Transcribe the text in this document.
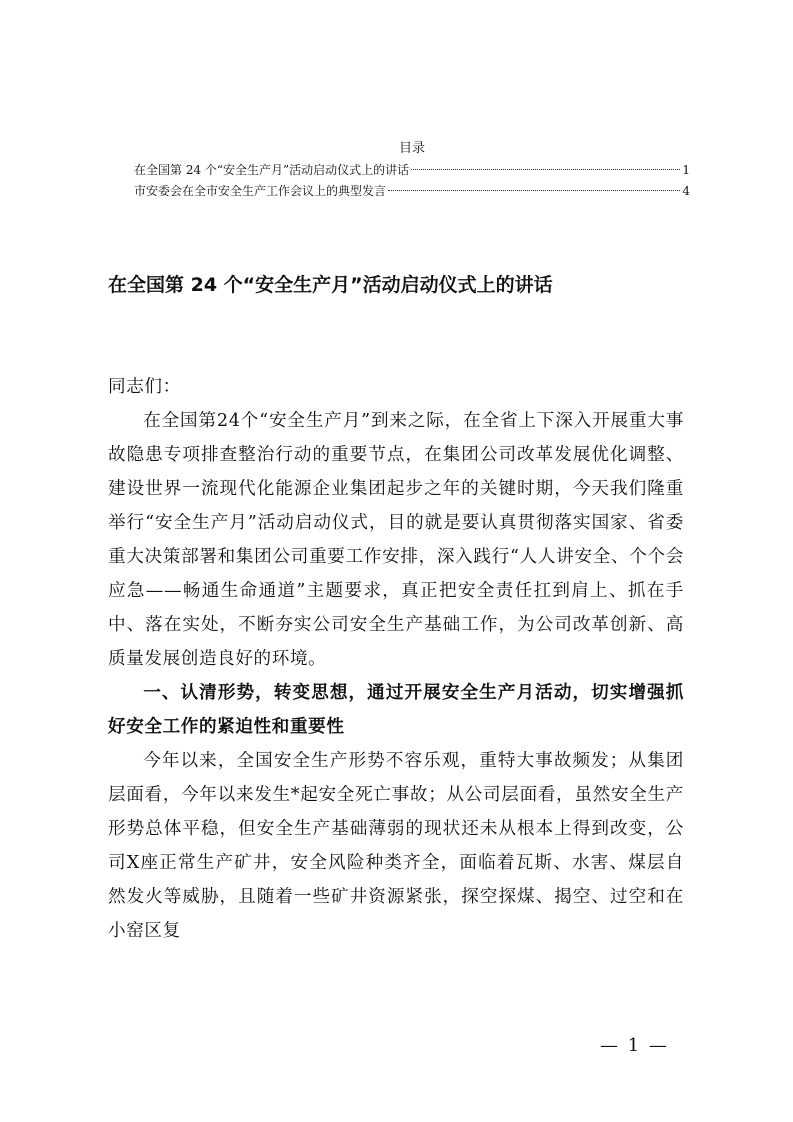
目录
在全国第 24 个“安全生产月”活动启动仪式上的讲话	1
市安委会在全市安全生产工作会议上的典型发言	4
在全国第 24 个“安全生产月”活动启动仪式上的讲话

同志们：

在全国第24个“安全生产月”到来之际，在全省上下深入开展重大事故隐患专项排查整治行动的重要节点，在集团公司改革发展优化调整、建设世界一流现代化能源企业集团起步之年的关键时期，今天我们隆重举行“安全生产月”活动启动仪式，目的就是要认真贯彻落实国家、省委重大决策部署和集团公司重要工作安排，深入践行“人人讲安全、个个会应急——畅通生命通道”主题要求，真正把安全责任扛到肩上、抓在手中、落在实处，不断夯实公司安全生产基础工作，为公司改革创新、高质量发展创造良好的环境。

一、认清形势，转变思想，通过开展安全生产月活动，切实增强抓好安全工作的紧迫性和重要性

今年以来，全国安全生产形势不容乐观，重特大事故频发；从集团层面看，今年以来发生*起安全死亡事故；从公司层面看，虽然安全生产形势总体平稳，但安全生产基础薄弱的现状还未从根本上得到改变，公司X座正常生产矿井，安全风险种类齐全，面临着瓦斯、水害、煤层自然发火等威胁，且随着一些矿井资源紧张，探空探煤、揭空、过空和在小窑区复

— 1 —
